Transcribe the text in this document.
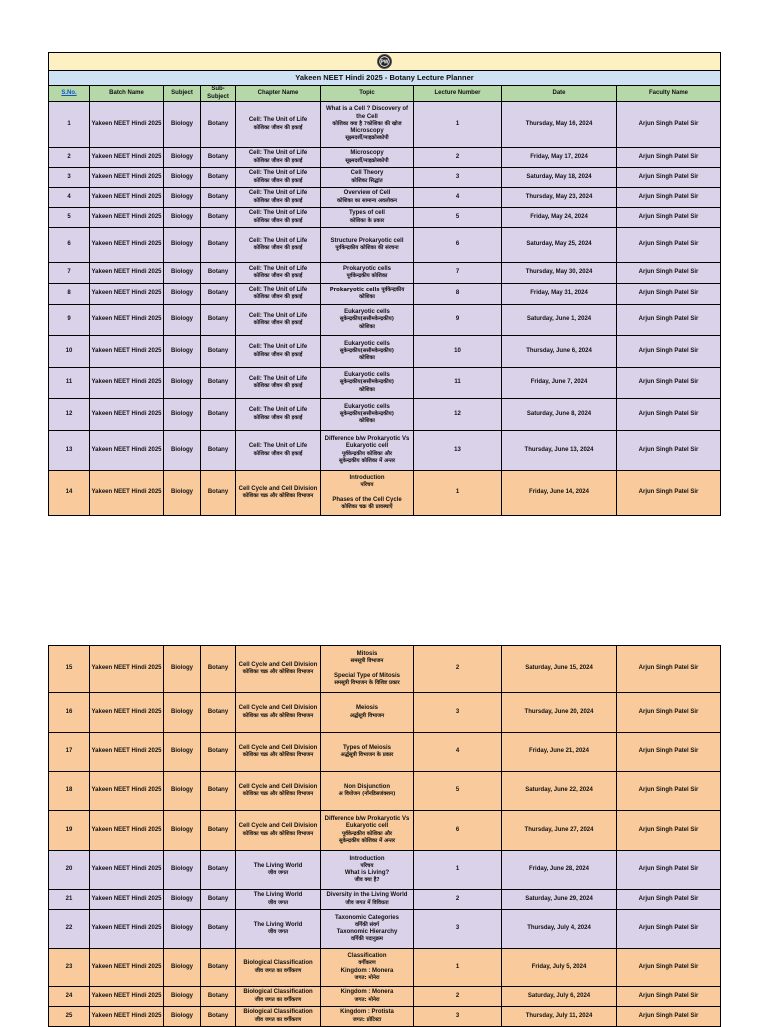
PW								

Yakeen NEET Hindi 2025 - Botany Lecture Planner								
S.No.	Batch Name	Subject	Sub-Subject	Chapter Name	Topic	Lecture Number	Date	Faculty Name
1	Yakeen NEET Hindi 2025	Biology	Botany	Cell: The Unit of Life
कोशिका जीवन की इकाई	What is a Cell ? Discovery of the Cell
कोशिका क्या है ?कोशिका की खोज
Microscopy
सूक्ष्मदर्शी/माइक्रोस्कोपी	1	Thursday, May 16, 2024	Arjun Singh Patel Sir
2	Yakeen NEET Hindi 2025	Biology	Botany	Cell: The Unit of Life
कोशिका जीवन की इकाई	Microscopy
सूक्ष्मदर्शी/माइक्रोस्कोपी	2	Friday, May 17, 2024	Arjun Singh Patel Sir
3	Yakeen NEET Hindi 2025	Biology	Botany	Cell: The Unit of Life
कोशिका जीवन की इकाई	Cell Theory
कोशिका सिद्धांत	3	Saturday, May 18, 2024	Arjun Singh Patel Sir
4	Yakeen NEET Hindi 2025	Biology	Botany	Cell: The Unit of Life
कोशिका जीवन की इकाई	Overview of Cell
कोशिका का सामान्य अवलोकन	4	Thursday, May 23, 2024	Arjun Singh Patel Sir
5	Yakeen NEET Hindi 2025	Biology	Botany	Cell: The Unit of Life
कोशिका जीवन की इकाई	Types of cell
कोशिका के प्रकार	5	Friday, May 24, 2024	Arjun Singh Patel Sir
6	Yakeen NEET Hindi 2025	Biology	Botany	Cell: The Unit of Life
कोशिका जीवन की इकाई	Structure Prokaryotic cell
पूर्वकेन्द्रकीय कोशिका की संरचना	6	Saturday, May 25, 2024	Arjun Singh Patel Sir
7	Yakeen NEET Hindi 2025	Biology	Botany	Cell: The Unit of Life
कोशिका जीवन की इकाई	Prokaryotic cells
पूर्वकेन्द्रकीय कोशिका	7	Thursday, May 30, 2024	Arjun Singh Patel Sir
8	Yakeen NEET Hindi 2025	Biology	Botany	Cell: The Unit of Life
कोशिका जीवन की इकाई	Prokaryotic cells पूर्वकेन्द्रकीय
कोशिका	8	Friday, May 31, 2024	Arjun Singh Patel Sir
9	Yakeen NEET Hindi 2025	Biology	Botany	Cell: The Unit of Life
कोशिका जीवन की इकाई	Eukaryotic cells
सुकेन्द्रकीय(ससीमकेन्द्रकीय)
कोशिका	9	Saturday, June 1, 2024	Arjun Singh Patel Sir
10	Yakeen NEET Hindi 2025	Biology	Botany	Cell: The Unit of Life
कोशिका जीवन की इकाई	Eukaryotic cells
सुकेन्द्रकीय(ससीमकेन्द्रकीय)
कोशिका	10	Thursday, June 6, 2024	Arjun Singh Patel Sir
11	Yakeen NEET Hindi 2025	Biology	Botany	Cell: The Unit of Life
कोशिका जीवन की इकाई	Eukaryotic cells
सुकेन्द्रकीय(ससीमकेन्द्रकीय)
कोशिका	11	Friday, June 7, 2024	Arjun Singh Patel Sir
12	Yakeen NEET Hindi 2025	Biology	Botany	Cell: The Unit of Life
कोशिका जीवन की इकाई	Eukaryotic cells
सुकेन्द्रकीय(ससीमकेन्द्रकीय)
कोशिका	12	Saturday, June 8, 2024	Arjun Singh Patel Sir
13	Yakeen NEET Hindi 2025	Biology	Botany	Cell: The Unit of Life
कोशिका जीवन की इकाई	Difference b/w Prokaryotic Vs Eukaryotic cell
पूर्वकेन्द्रकीय कोशिका और
सुकेन्द्रकीय कोशिका में अन्तर	13	Thursday, June 13, 2024	Arjun Singh Patel Sir
14	Yakeen NEET Hindi 2025	Biology	Botany	Cell Cycle and Cell Division
कोशिका चक्र और कोशिका विभाजन	Introduction
परिचय
Phases of the Cell Cycle
कोशिका चक्र की प्रावस्थाएँ	1	Friday, June 14, 2024	Arjun Singh Patel Sir
15	Yakeen NEET Hindi 2025	Biology	Botany	Cell Cycle and Cell Division
कोशिका चक्र और कोशिका विभाजन	Mitosis
समसूत्री विभाजन
Special Type of Mitosis
समसूत्री विभाजन के विशिष्ट प्रकार	2	Saturday, June 15, 2024	Arjun Singh Patel Sir
16	Yakeen NEET Hindi 2025	Biology	Botany	Cell Cycle and Cell Division
कोशिका चक्र और कोशिका विभाजन	Meiosis
अर्द्धसूत्री विभाजन	3	Thursday, June 20, 2024	Arjun Singh Patel Sir
17	Yakeen NEET Hindi 2025	Biology	Botany	Cell Cycle and Cell Division
कोशिका चक्र और कोशिका विभाजन	Types of Meiosis
अर्द्धसूत्री विभाजन के प्रकार	4	Friday, June 21, 2024	Arjun Singh Patel Sir
18	Yakeen NEET Hindi 2025	Biology	Botany	Cell Cycle and Cell Division
कोशिका चक्र और कोशिका विभाजन	Non Disjunction
अ वियोजन (नॉनडिसजंक्शन)	5	Saturday, June 22, 2024	Arjun Singh Patel Sir
19	Yakeen NEET Hindi 2025	Biology	Botany	Cell Cycle and Cell Division
कोशिका चक्र और कोशिका विभाजन	Difference b/w Prokaryotic Vs Eukaryotic cell
पूर्वकेन्द्रकीय कोशिका और
सुकेन्द्रकीय कोशिका में अन्तर	6	Thursday, June 27, 2024	Arjun Singh Patel Sir
20	Yakeen NEET Hindi 2025	Biology	Botany	The Living World
जीव जगत	Introduction
परिचय
What is Living?
जीव क्या है?	1	Friday, June 28, 2024	Arjun Singh Patel Sir
21	Yakeen NEET Hindi 2025	Biology	Botany	The Living World
जीव जगत	Diversity in the Living World
जीव जगत में विविधता	2	Saturday, June 29, 2024	Arjun Singh Patel Sir
22	Yakeen NEET Hindi 2025	Biology	Botany	The Living World
जीव जगत	Taxonomic Categories
वर्गिकी संवर्ग
Taxonomic Hierarchy
वर्गिकी पदानुक्रम	3	Thursday, July 4, 2024	Arjun Singh Patel Sir
23	Yakeen NEET Hindi 2025	Biology	Botany	Biological Classification
जीव जगत का वर्गीकरण	Classification
वर्गीकरण
Kingdom : Monera
जगत: मोनेरा	1	Friday, July 5, 2024	Arjun Singh Patel Sir
24	Yakeen NEET Hindi 2025	Biology	Botany	Biological Classification
जीव जगत का वर्गीकरण	Kingdom : Monera
जगत: मोनेरा	2	Saturday, July 6, 2024	Arjun Singh Patel Sir
25	Yakeen NEET Hindi 2025	Biology	Botany	Biological Classification
जीव जगत का वर्गीकरण	Kingdom : Protista
जगत: प्रोटिस्टा	3	Thursday, July 11, 2024	Arjun Singh Patel Sir
